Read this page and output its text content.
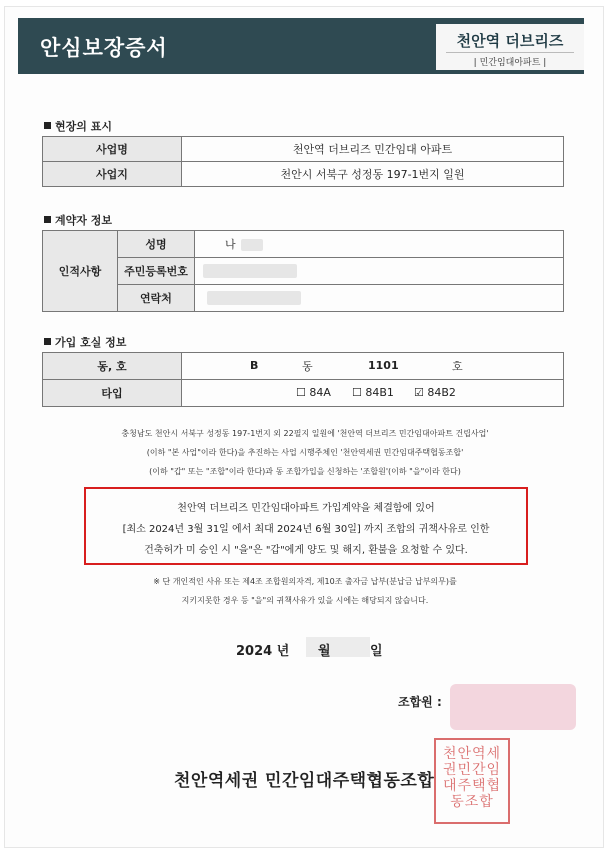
안심보장증서	천안역 더브리즈
| 민간임대아파트 |
현장의 표시
사업명	천안역 더브리즈 민간임대 아파트
사업지	천안시 서북구 성정동 197-1번지 일원
계약자 정보
인적사항	성명	나
	주민등록번호	
	연락처	
가입 호실 정보
동, 호	B 동 1101 호

타입	☐ 84A ☐ 84B1 ☑ 84B2
충청남도 천안시 서북구 성정동 197-1번지 외 22필지 일원에 '천안역 더브리즈 민간임대아파트 건립사업'
(이하 "본 사업"이라 한다)을 추진하는 사업 시행주체인 '천안역세권 민간임대주택협동조합'
(이하 "갑" 또는 "조합"이라 한다)과 동 조합가입을 신청하는 '조합원'(이하 "을"이라 한다)
천안역 더브리즈 민간임대아파트 가입계약을 체결함에 있어
[최소 2024년 3월 31일 에서 최대 2024년 6월 30일] 까지 조합의 귀책사유로 인한
건축허가 미 승인 시 "을"은 "갑"에게 양도 및 해지, 환불을 요청할 수 있다.
※ 단 개인적인 사유 또는 제4조 조합원의자격, 제10조 출자금 납부(분납금 납부의무)를
지키지못한 경우 등 "을"의 귀책사유가 있을 시에는 해당되지 않습니다.
2024 년 월	일
조합원 :
천안역세권 민간임대주택협동조합
천안역세
권민간임
대주택협
동조합
